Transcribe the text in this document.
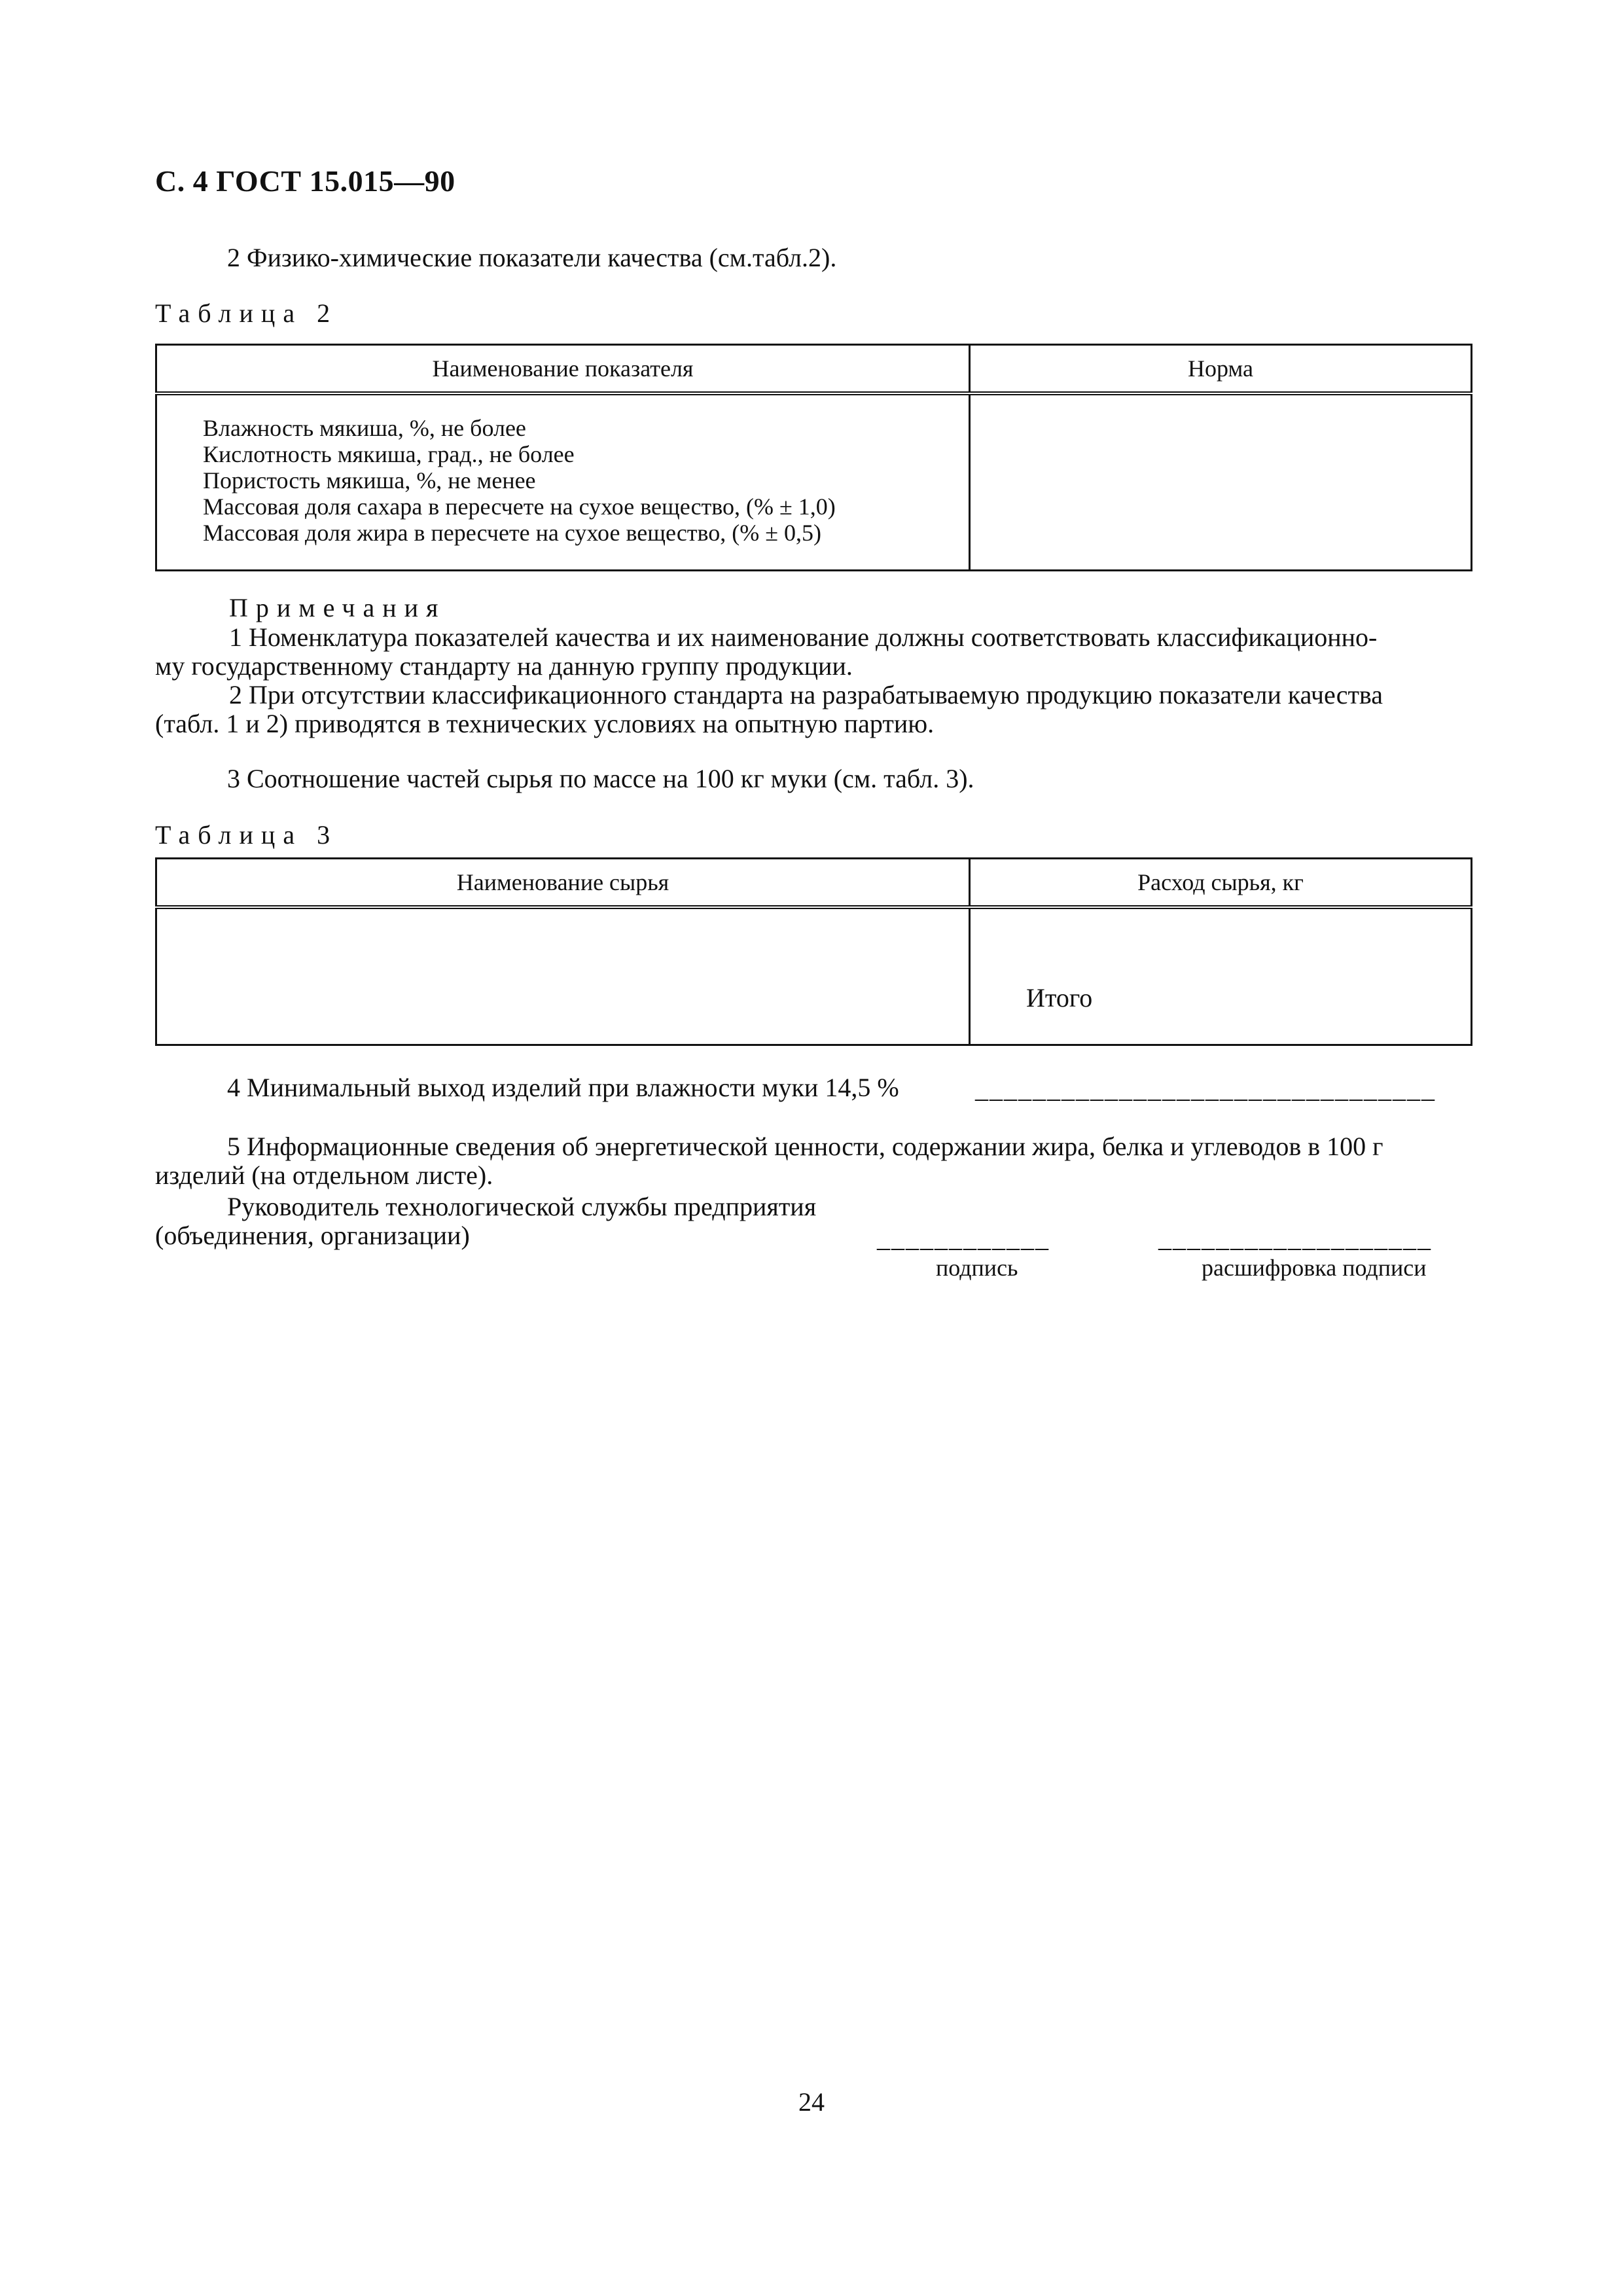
С. 4 ГОСТ 15.015—90
2 Физико-химические показатели качества (см.табл.2).
Таблица 2
Наименование показателя	Норма

Влажность мякиша, %, не более
Кислотность мякиша, град., не более
Пористость мякиша, %, не менее
Массовая доля сахара в пересчете на сухое вещество, (% ± 1,0)
Массовая доля жира в пересчете на сухое вещество, (% ± 0,5)	

Примечания
1 Номенклатура показателей качества и их наименование должны соответствовать классификационно-
му государственному стандарту на данную группу продукции.
2 При отсутствии классификационного стандарта на разрабатываемую продукцию показатели качества
(табл. 1 и 2) приводятся в технических условиях на опытную партию.
3 Соотношение частей сырья по массе на 100 кг муки (см. табл. 3).
Таблица 3
Наименование сырья	Расход сырья, кг

	Итого
4 Минимальный выход изделий при влажности муки 14,5 %	________________________________
5 Информационные сведения об энергетической ценности, содержании жира, белка и углеводов в 100 г
изделий (на отдельном листе).
Руководитель технологической службы предприятия
(объединения, организации)	____________	___________________
подпись	расшифровка подписи
24
